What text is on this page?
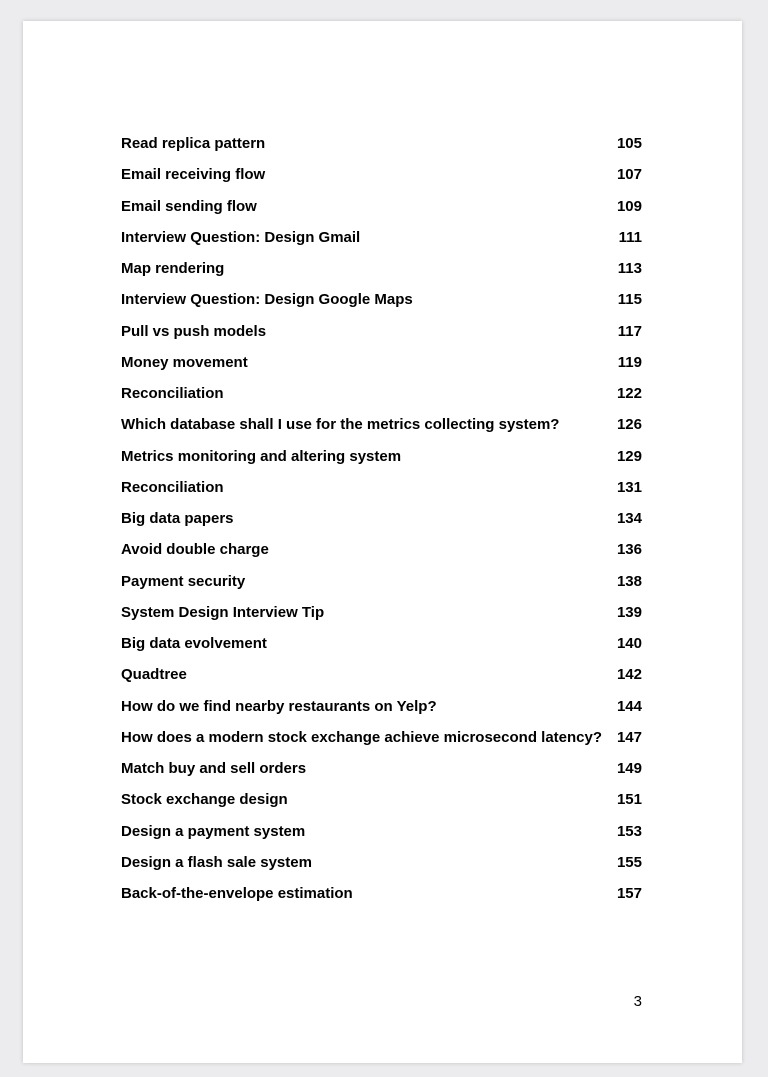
Read replica pattern	105
Email receiving flow	107
Email sending flow	109
Interview Question: Design Gmail	111
Map rendering	113
Interview Question: Design Google Maps	115
Pull vs push models	117
Money movement	119
Reconciliation	122
Which database shall I use for the metrics collecting system?	126
Metrics monitoring and altering system	129
Reconciliation	131
Big data papers	134
Avoid double charge	136
Payment security	138
System Design Interview Tip	139
Big data evolvement	140
Quadtree	142
How do we find nearby restaurants on Yelp?	144
How does a modern stock exchange achieve microsecond latency? 147
Match buy and sell orders	149
Stock exchange design	151
Design a payment system	153
Design a flash sale system	155
Back-of-the-envelope estimation	157
3
